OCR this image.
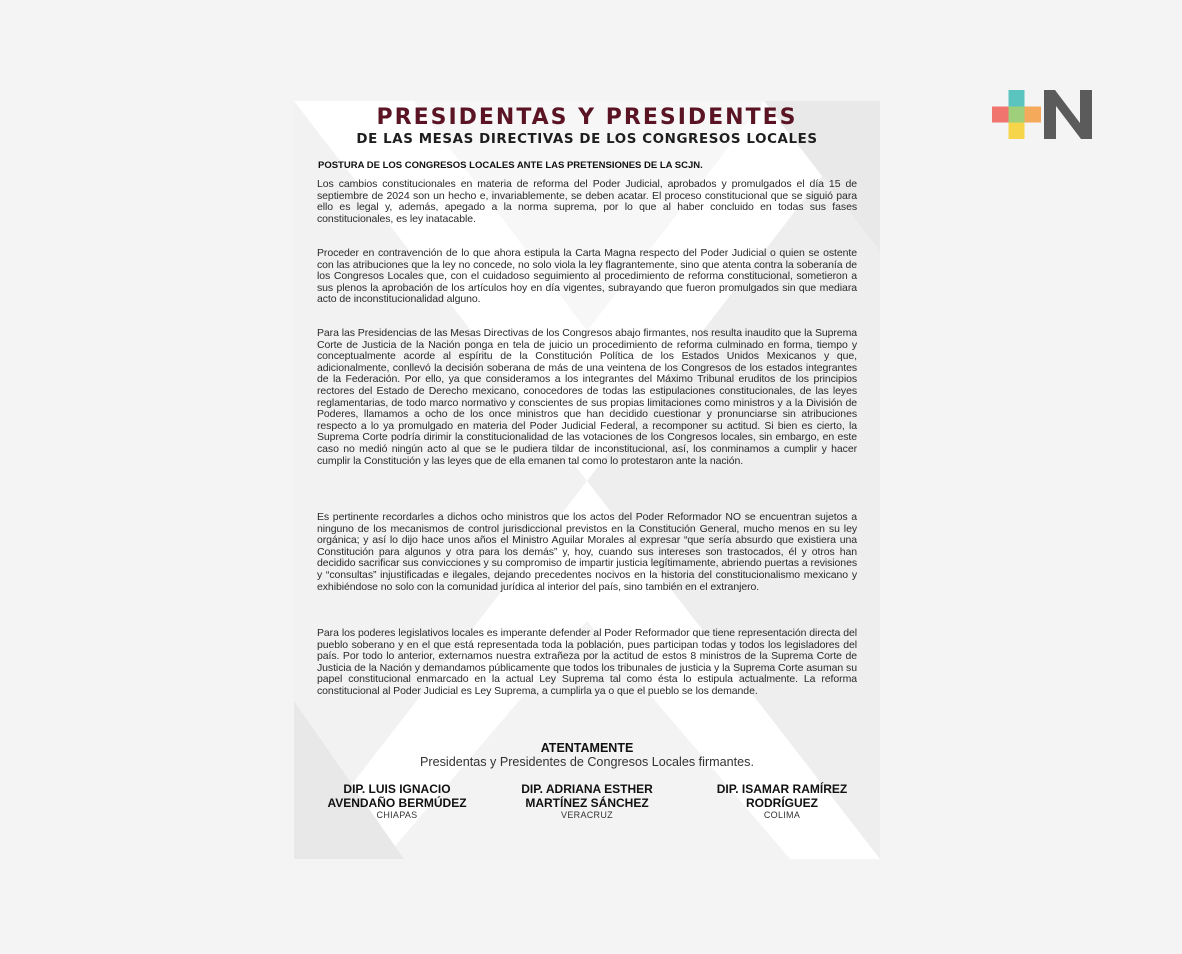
PRESIDENTAS Y PRESIDENTES
DE LAS MESAS DIRECTIVAS DE LOS CONGRESOS LOCALES

POSTURA DE LOS CONGRESOS LOCALES ANTE LAS PRETENSIONES DE LA SCJN.

Los cambios constitucionales en materia de reforma del Poder Judicial, aprobados y promulgados el día 15 de septiembre de 2024 son un hecho e, invariablemente, se deben acatar. El proceso constitucional que se siguió para ello es legal y, además, apegado a la norma suprema, por lo que al haber concluido en todas sus fases constitucionales, es ley inatacable.

Proceder en contravención de lo que ahora estipula la Carta Magna respecto del Poder Judicial o quien se ostente con las atribuciones que la ley no concede, no solo viola la ley flagrantemente, sino que atenta contra la soberanía de los Congresos Locales que, con el cuidadoso seguimiento al procedimiento de reforma constitucional, sometieron a sus plenos la aprobación de los artículos hoy en día vigentes, subrayando que fueron promulgados sin que mediara acto de inconstitucionalidad alguno.

Para las Presidencias de las Mesas Directivas de los Congresos abajo firmantes, nos resulta inaudito que la Suprema Corte de Justicia de la Nación ponga en tela de juicio un procedimiento de reforma culminado en forma, tiempo y conceptualmente acorde al espíritu de la Constitución Política de los Estados Unidos Mexicanos y que, adicionalmente, conllevó la decisión soberana de más de una veintena de los Congresos de los estados integrantes de la Federación. Por ello, ya que consideramos a los integrantes del Máximo Tribunal eruditos de los principios rectores del Estado de Derecho mexicano, conocedores de todas las estipulaciones constitucionales, de las leyes reglamentarias, de todo marco normativo y conscientes de sus propias limitaciones como ministros y a la División de Poderes, llamamos a ocho de los once ministros que han decidido cuestionar y pronunciarse sin atribuciones respecto a lo ya promulgado en materia del Poder Judicial Federal, a recomponer su actitud. Si bien es cierto, la Suprema Corte podría dirimir la constitucionalidad de las votaciones de los Congresos locales, sin embargo, en este caso no medió ningún acto al que se le pudiera tildar de inconstitucional, así, los conminamos a cumplir y hacer cumplir la Constitución y las leyes que de ella emanen tal como lo protestaron ante la nación.

Es pertinente recordarles a dichos ocho ministros que los actos del Poder Reformador NO se encuentran sujetos a ninguno de los mecanismos de control jurisdiccional previstos en la Constitución General, mucho menos en su ley orgánica; y así lo dijo hace unos años el Ministro Aguilar Morales al expresar “que sería absurdo que existiera una Constitución para algunos y otra para los demás” y, hoy, cuando sus intereses son trastocados, él y otros han decidido sacrificar sus convicciones y su compromiso de impartir justicia legítimamente, abriendo puertas a revisiones y “consultas” injustificadas e ilegales, dejando precedentes nocivos en la historia del constitucionalismo mexicano y exhibiéndose no solo con la comunidad jurídica al interior del país, sino también en el extranjero.

Para los poderes legislativos locales es imperante defender al Poder Reformador que tiene representación directa del pueblo soberano y en el que está representada toda la población, pues participan todas y todos los legisladores del país. Por todo lo anterior, externamos nuestra extrañeza por la actitud de estos 8 ministros de la Suprema Corte de Justicia de la Nación y demandamos públicamente que todos los tribunales de justicia y la Suprema Corte asuman su papel constitucional enmarcado en la actual Ley Suprema tal como ésta lo estipula actualmente. La reforma constitucional al Poder Judicial es Ley Suprema, a cumplirla ya o que el pueblo se los demande.

ATENTAMENTE

Presidentas y Presidentes de Congresos Locales firmantes.

DIP. LUIS IGNACIO
AVENDAÑO BERMÚDEZ
CHIAPAS
DIP. ADRIANA ESTHER
MARTÍNEZ SÁNCHEZ
VERACRUZ
DIP. ISAMAR RAMÍREZ
RODRÍGUEZ
COLIMA
